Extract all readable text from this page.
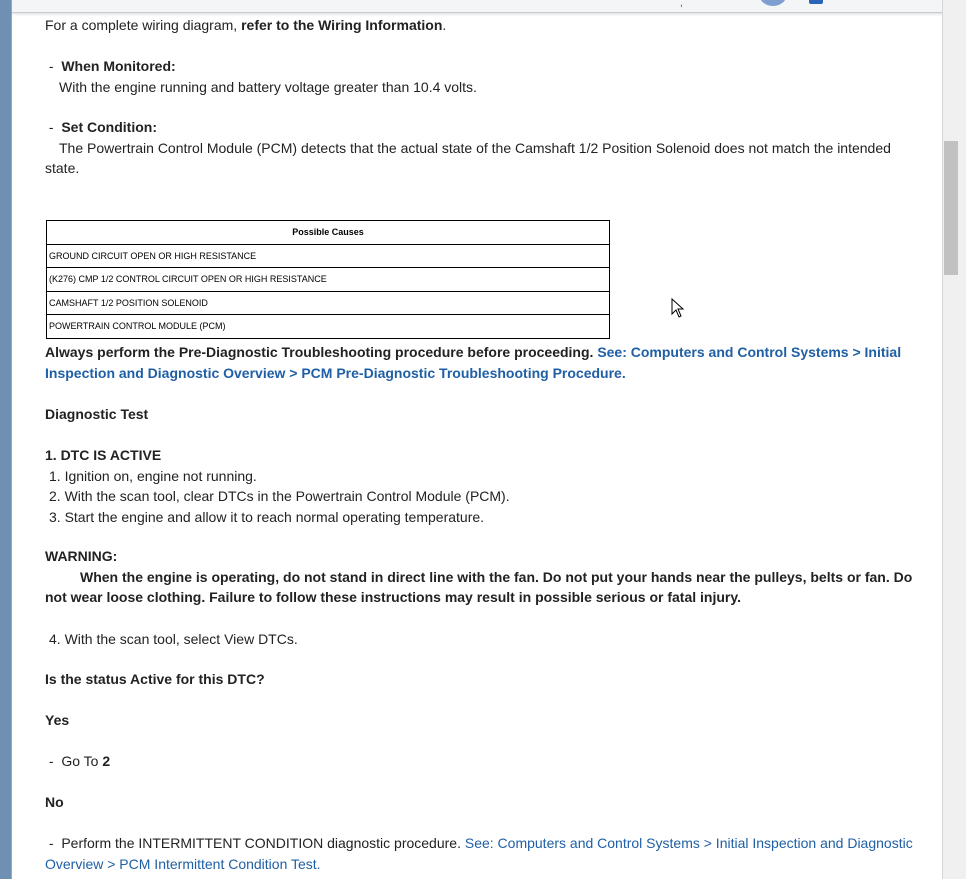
,
For a complete wiring diagram, refer to the Wiring Information.
-  When Monitored:
With the engine running and battery voltage greater than 10.4 volts.
-  Set Condition:
The Powertrain Control Module (PCM) detects that the actual state of the Camshaft 1/2 Position Solenoid does not match the intended state.
Possible Causes
GROUND CIRCUIT OPEN OR HIGH RESISTANCE
(K276) CMP 1/2 CONTROL CIRCUIT OPEN OR HIGH RESISTANCE
CAMSHAFT 1/2 POSITION SOLENOID
POWERTRAIN CONTROL MODULE (PCM)
Always perform the Pre-Diagnostic Troubleshooting procedure before proceeding. See: Computers and Control Systems > Initial Inspection and Diagnostic Overview > PCM Pre-Diagnostic Troubleshooting Procedure.
Diagnostic Test
1. DTC IS ACTIVE
1. Ignition on, engine not running.
2. With the scan tool, clear DTCs in the Powertrain Control Module (PCM).
3. Start the engine and allow it to reach normal operating temperature.
WARNING:
When the engine is operating, do not stand in direct line with the fan. Do not put your hands near the pulleys, belts or fan. Do not wear loose clothing. Failure to follow these instructions may result in possible serious or fatal injury.
4. With the scan tool, select View DTCs.
Is the status Active for this DTC?
Yes
-  Go To 2
No
-  Perform the INTERMITTENT CONDITION diagnostic procedure. See: Computers and Control Systems > Initial Inspection and Diagnostic Overview > PCM Intermittent Condition Test.
